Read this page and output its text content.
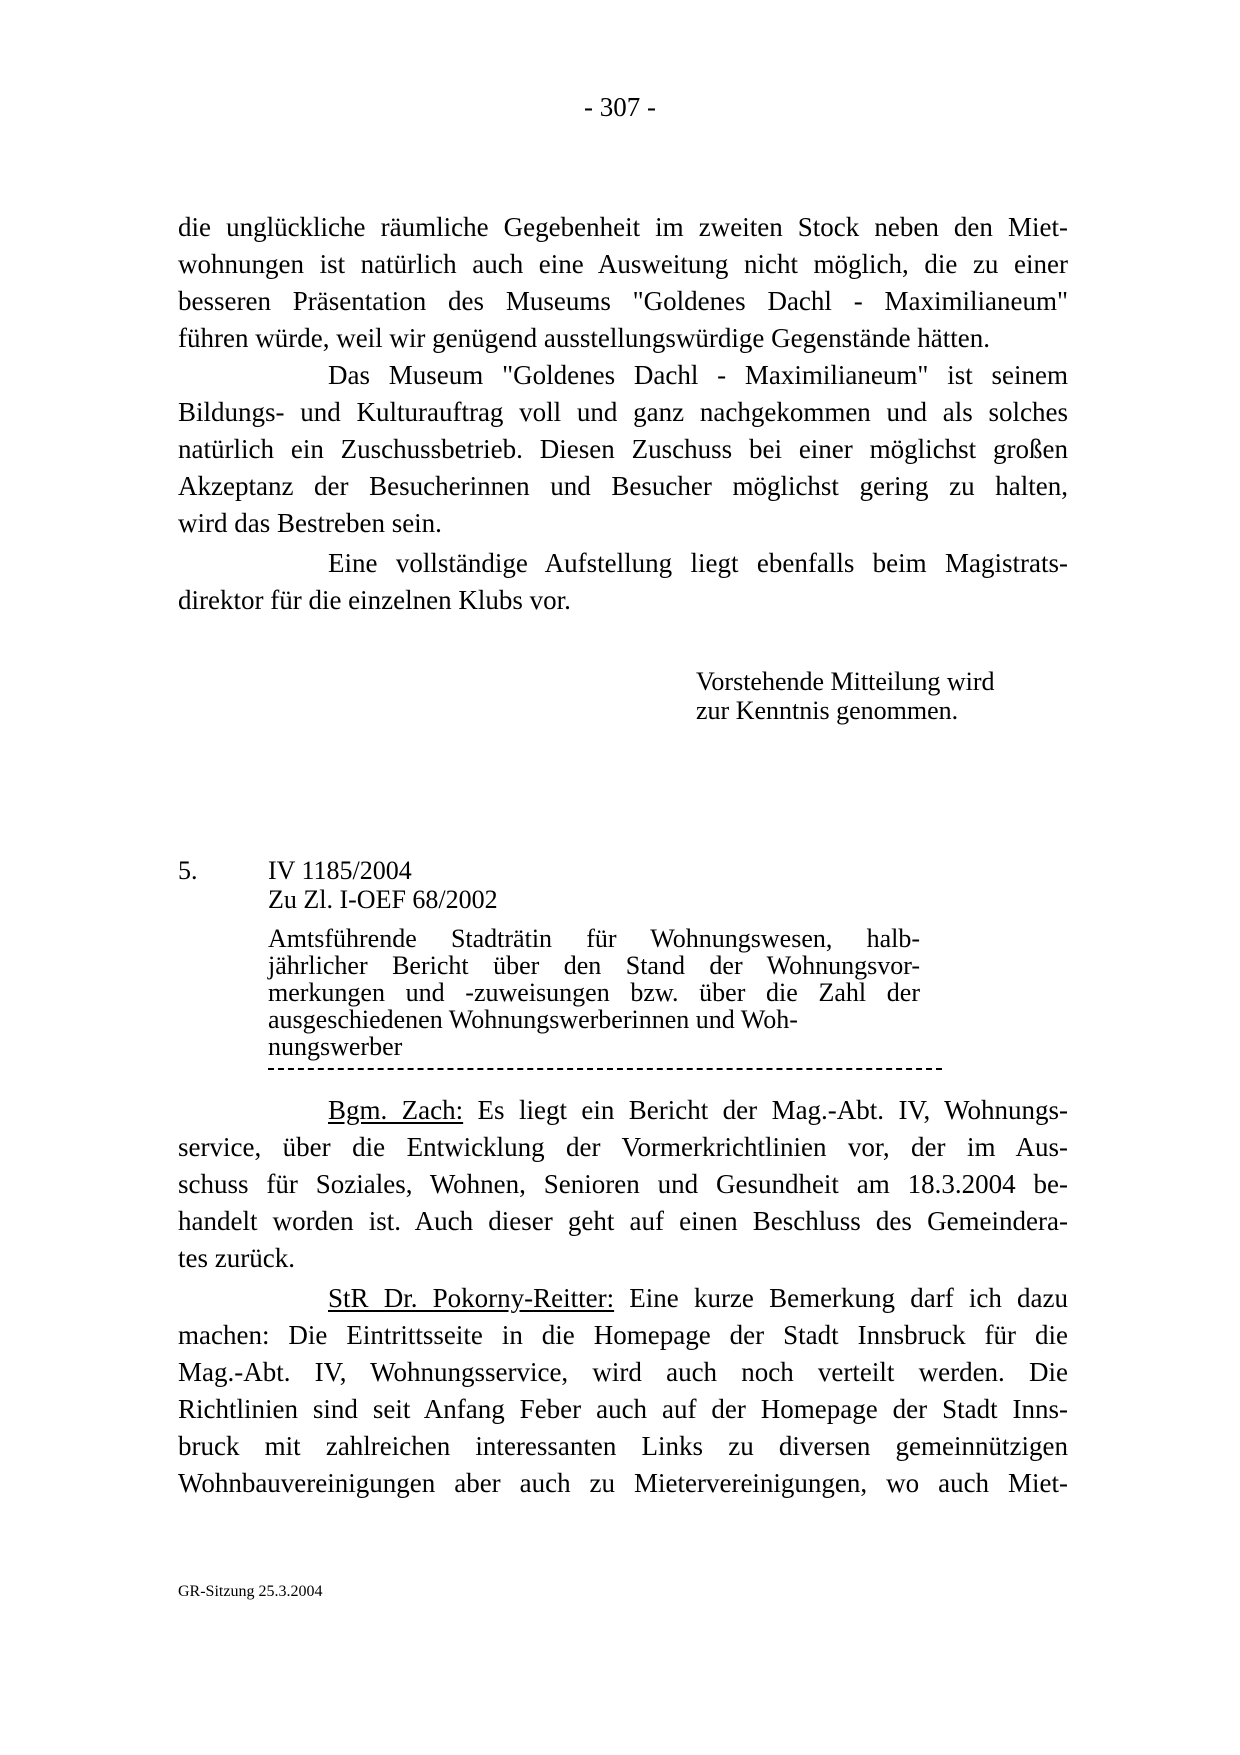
- 307 -
die unglückliche räumliche Gegebenheit im zweiten Stock neben den Miet-
wohnungen ist natürlich auch eine Ausweitung nicht möglich, die zu einer
besseren Präsentation des Museums "Goldenes Dachl - Maximilianeum"
führen würde, weil wir genügend ausstellungswürdige Gegenstände hätten.
Das Museum "Goldenes Dachl - Maximilianeum" ist seinem
Bildungs- und Kulturauftrag voll und ganz nachgekommen und als solches
natürlich ein Zuschussbetrieb. Diesen Zuschuss bei einer möglichst großen
Akzeptanz der Besucherinnen und Besucher möglichst gering zu halten,
wird das Bestreben sein.
Eine vollständige Aufstellung liegt ebenfalls beim Magistrats-
direktor für die einzelnen Klubs vor.
Vorstehende Mitteilung wird
zur Kenntnis genommen.
5.	IV 1185/2004
Zu Zl. I-OEF 68/2002
Amtsführende Stadträtin für Wohnungswesen, halb-
jährlicher Bericht über den Stand der Wohnungsvor-
merkungen und -zuweisungen bzw. über die Zahl der
ausgeschiedenen Wohnungswerberinnen und Woh-
nungswerber
Bgm. Zach: Es liegt ein Bericht der Mag.-Abt. IV, Wohnungs-
service, über die Entwicklung der Vormerkrichtlinien vor, der im Aus-
schuss für Soziales, Wohnen, Senioren und Gesundheit am 18.3.2004 be-
handelt worden ist. Auch dieser geht auf einen Beschluss des Gemeindera-
tes zurück.
StR Dr. Pokorny-Reitter: Eine kurze Bemerkung darf ich dazu
machen: Die Eintrittsseite in die Homepage der Stadt Innsbruck für die
Mag.-Abt. IV, Wohnungsservice, wird auch noch verteilt werden. Die
Richtlinien sind seit Anfang Feber auch auf der Homepage der Stadt Inns-
bruck mit zahlreichen interessanten Links zu diversen gemeinnützigen
Wohnbauvereinigungen aber auch zu Mietervereinigungen, wo auch Miet-
GR-Sitzung 25.3.2004
